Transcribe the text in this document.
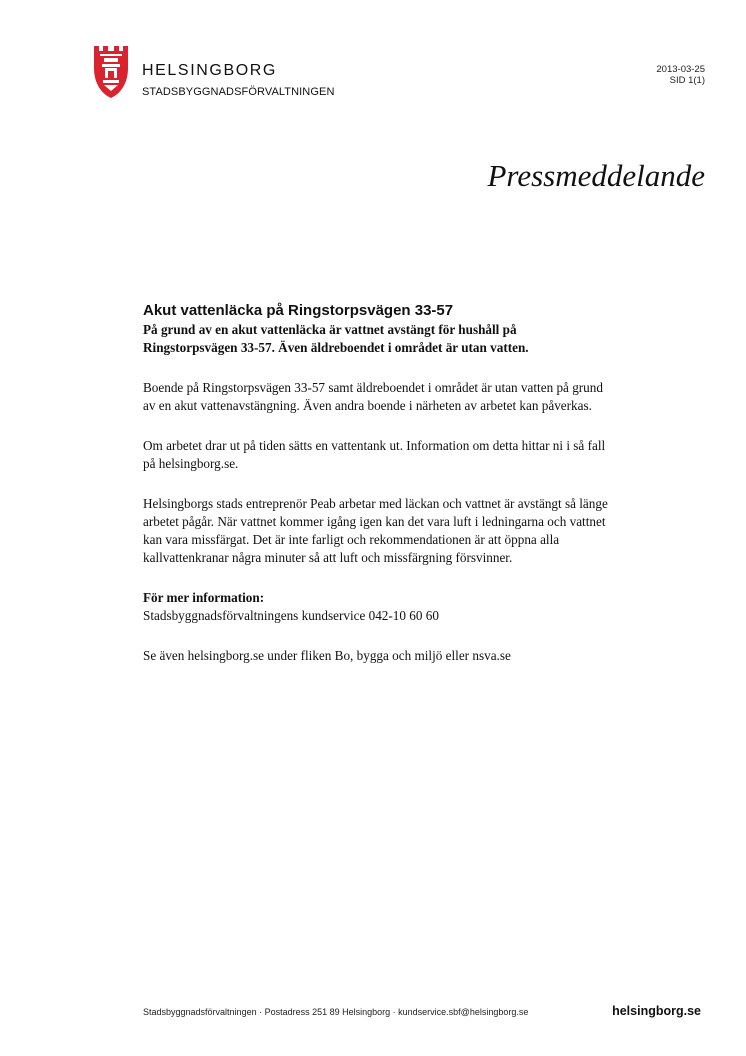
HELSINGBORG
STADSBYGGNADSFÖRVALTNINGEN
2013-03-25
SID 1(1)
Pressmeddelande
Akut vattenläcka på Ringstorpsvägen 33-57

På grund av en akut vattenläcka är vattnet avstängt för hushåll på Ringstorpsvägen 33-57. Även äldreboendet i området är utan vatten.

Boende på Ringstorpsvägen 33-57 samt äldreboendet i området är utan vatten på grund av en akut vattenavstängning. Även andra boende i närheten av arbetet kan påverkas.

Om arbetet drar ut på tiden sätts en vattentank ut. Information om detta hittar ni i så fall på helsingborg.se.

Helsingborgs stads entreprenör Peab arbetar med läckan och vattnet är avstängt så länge arbetet pågår. När vattnet kommer igång igen kan det vara luft i ledningarna och vattnet kan vara missfärgat. Det är inte farligt och rekommendationen är att öppna alla kallvattenkranar några minuter så att luft och missfärgning försvinner.

För mer information:

Stadsbyggnadsförvaltningens kundservice 042-10 60 60

Se även helsingborg.se under fliken Bo, bygga och miljö eller nsva.se

Stadsbyggnadsförvaltningen · Postadress 251 89 Helsingborg · kundservice.sbf@helsingborg.se	helsingborg.se
